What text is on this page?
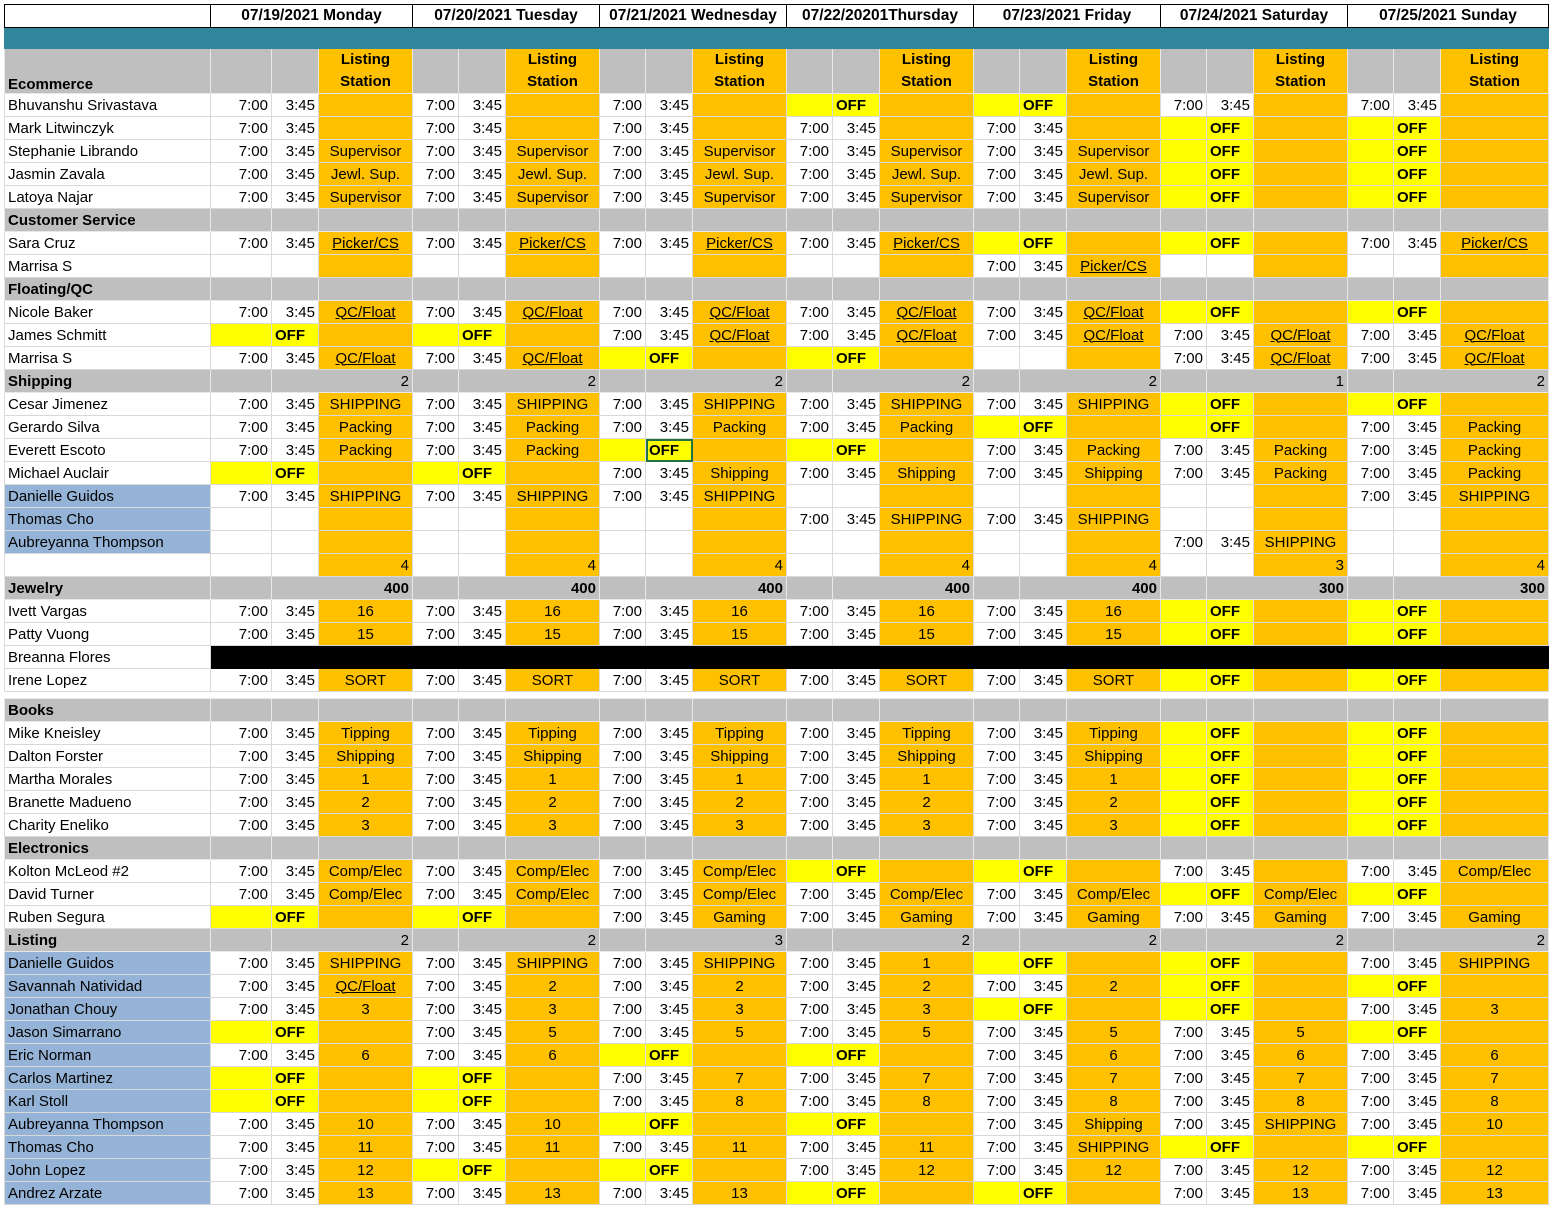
	07/19/2021 Monday			07/20/2021 Tuesday			07/21/2021 Wednesday			07/22/20201Thursday			07/23/2021 Friday			07/24/2021 Saturday			07/25/2021 Sunday		

Ecommerce			Listing Station			Listing Station			Listing Station			Listing Station			Listing Station			Listing Station			Listing Station
Bhuvanshu Srivastava	7:00	3:45		7:00	3:45		7:00	3:45			OFF			OFF		7:00	3:45		7:00	3:45	
Mark Litwinczyk	7:00	3:45		7:00	3:45		7:00	3:45		7:00	3:45		7:00	3:45			OFF			OFF	
Stephanie Librando	7:00	3:45	Supervisor	7:00	3:45	Supervisor	7:00	3:45	Supervisor	7:00	3:45	Supervisor	7:00	3:45	Supervisor		OFF			OFF	
Jasmin Zavala	7:00	3:45	Jewl. Sup.	7:00	3:45	Jewl. Sup.	7:00	3:45	Jewl. Sup.	7:00	3:45	Jewl. Sup.	7:00	3:45	Jewl. Sup.		OFF			OFF	
Latoya Najar	7:00	3:45	Supervisor	7:00	3:45	Supervisor	7:00	3:45	Supervisor	7:00	3:45	Supervisor	7:00	3:45	Supervisor		OFF			OFF	
Customer Service																					
Sara Cruz	7:00	3:45	Picker/CS	7:00	3:45	Picker/CS	7:00	3:45	Picker/CS	7:00	3:45	Picker/CS		OFF			OFF		7:00	3:45	Picker/CS
Marrisa S													7:00	3:45	Picker/CS						
Floating/QC																					
Nicole Baker	7:00	3:45	QC/Float	7:00	3:45	QC/Float	7:00	3:45	QC/Float	7:00	3:45	QC/Float	7:00	3:45	QC/Float		OFF			OFF	
James Schmitt		OFF			OFF		7:00	3:45	QC/Float	7:00	3:45	QC/Float	7:00	3:45	QC/Float	7:00	3:45	QC/Float	7:00	3:45	QC/Float
Marrisa S	7:00	3:45	QC/Float	7:00	3:45	QC/Float		OFF			OFF					7:00	3:45	QC/Float	7:00	3:45	QC/Float
Shipping		2			2			2			2			2			1			2	
Cesar Jimenez	7:00	3:45	SHIPPING	7:00	3:45	SHIPPING	7:00	3:45	SHIPPING	7:00	3:45	SHIPPING	7:00	3:45	SHIPPING		OFF			OFF	
Gerardo Silva	7:00	3:45	Packing	7:00	3:45	Packing	7:00	3:45	Packing	7:00	3:45	Packing		OFF			OFF		7:00	3:45	Packing
Everett Escoto	7:00	3:45	Packing	7:00	3:45	Packing		OFF			OFF		7:00	3:45	Packing	7:00	3:45	Packing	7:00	3:45	Packing
Michael Auclair		OFF			OFF		7:00	3:45	Shipping	7:00	3:45	Shipping	7:00	3:45	Shipping	7:00	3:45	Packing	7:00	3:45	Packing
Danielle Guidos	7:00	3:45	SHIPPING	7:00	3:45	SHIPPING	7:00	3:45	SHIPPING										7:00	3:45	SHIPPING
Thomas Cho										7:00	3:45	SHIPPING	7:00	3:45	SHIPPING						
Aubreyanna Thompson																7:00	3:45	SHIPPING			
			4			4			4			4			4			3			4
Jewelry		400			400			400			400			400			300			300	
Ivett Vargas	7:00	3:45	16	7:00	3:45	16	7:00	3:45	16	7:00	3:45	16	7:00	3:45	16		OFF			OFF	
Patty Vuong	7:00	3:45	15	7:00	3:45	15	7:00	3:45	15	7:00	3:45	15	7:00	3:45	15		OFF			OFF	
Breanna Flores																					
Irene Lopez	7:00	3:45	SORT	7:00	3:45	SORT	7:00	3:45	SORT	7:00	3:45	SORT	7:00	3:45	SORT		OFF			OFF	

Books																					
Mike Kneisley	7:00	3:45	Tipping	7:00	3:45	Tipping	7:00	3:45	Tipping	7:00	3:45	Tipping	7:00	3:45	Tipping		OFF			OFF	
Dalton Forster	7:00	3:45	Shipping	7:00	3:45	Shipping	7:00	3:45	Shipping	7:00	3:45	Shipping	7:00	3:45	Shipping		OFF			OFF	
Martha Morales	7:00	3:45	1	7:00	3:45	1	7:00	3:45	1	7:00	3:45	1	7:00	3:45	1		OFF			OFF	
Branette Madueno	7:00	3:45	2	7:00	3:45	2	7:00	3:45	2	7:00	3:45	2	7:00	3:45	2		OFF			OFF	
Charity Eneliko	7:00	3:45	3	7:00	3:45	3	7:00	3:45	3	7:00	3:45	3	7:00	3:45	3		OFF			OFF	
Electronics																					
Kolton McLeod #2	7:00	3:45	Comp/Elec	7:00	3:45	Comp/Elec	7:00	3:45	Comp/Elec		OFF			OFF		7:00	3:45		7:00	3:45	Comp/Elec
David Turner	7:00	3:45	Comp/Elec	7:00	3:45	Comp/Elec	7:00	3:45	Comp/Elec	7:00	3:45	Comp/Elec	7:00	3:45	Comp/Elec		OFF	Comp/Elec		OFF	
Ruben Segura		OFF			OFF		7:00	3:45	Gaming	7:00	3:45	Gaming	7:00	3:45	Gaming	7:00	3:45	Gaming	7:00	3:45	Gaming
Listing		2			2			3			2			2			2			2	
Danielle Guidos	7:00	3:45	SHIPPING	7:00	3:45	SHIPPING	7:00	3:45	SHIPPING	7:00	3:45	1		OFF			OFF		7:00	3:45	SHIPPING
Savannah Natividad	7:00	3:45	QC/Float	7:00	3:45	2	7:00	3:45	2	7:00	3:45	2	7:00	3:45	2		OFF			OFF	
Jonathan Chouy	7:00	3:45	3	7:00	3:45	3	7:00	3:45	3	7:00	3:45	3		OFF			OFF		7:00	3:45	3
Jason Simarrano		OFF		7:00	3:45	5	7:00	3:45	5	7:00	3:45	5	7:00	3:45	5	7:00	3:45	5		OFF	
Eric Norman	7:00	3:45	6	7:00	3:45	6		OFF			OFF		7:00	3:45	6	7:00	3:45	6	7:00	3:45	6
Carlos Martinez		OFF			OFF		7:00	3:45	7	7:00	3:45	7	7:00	3:45	7	7:00	3:45	7	7:00	3:45	7
Karl Stoll		OFF			OFF		7:00	3:45	8	7:00	3:45	8	7:00	3:45	8	7:00	3:45	8	7:00	3:45	8
Aubreyanna Thompson	7:00	3:45	10	7:00	3:45	10		OFF			OFF		7:00	3:45	Shipping	7:00	3:45	SHIPPING	7:00	3:45	10
Thomas Cho	7:00	3:45	11	7:00	3:45	11	7:00	3:45	11	7:00	3:45	11	7:00	3:45	SHIPPING		OFF			OFF	
John Lopez	7:00	3:45	12		OFF			OFF		7:00	3:45	12	7:00	3:45	12	7:00	3:45	12	7:00	3:45	12
Andrez Arzate	7:00	3:45	13	7:00	3:45	13	7:00	3:45	13		OFF			OFF		7:00	3:45	13	7:00	3:45	13
